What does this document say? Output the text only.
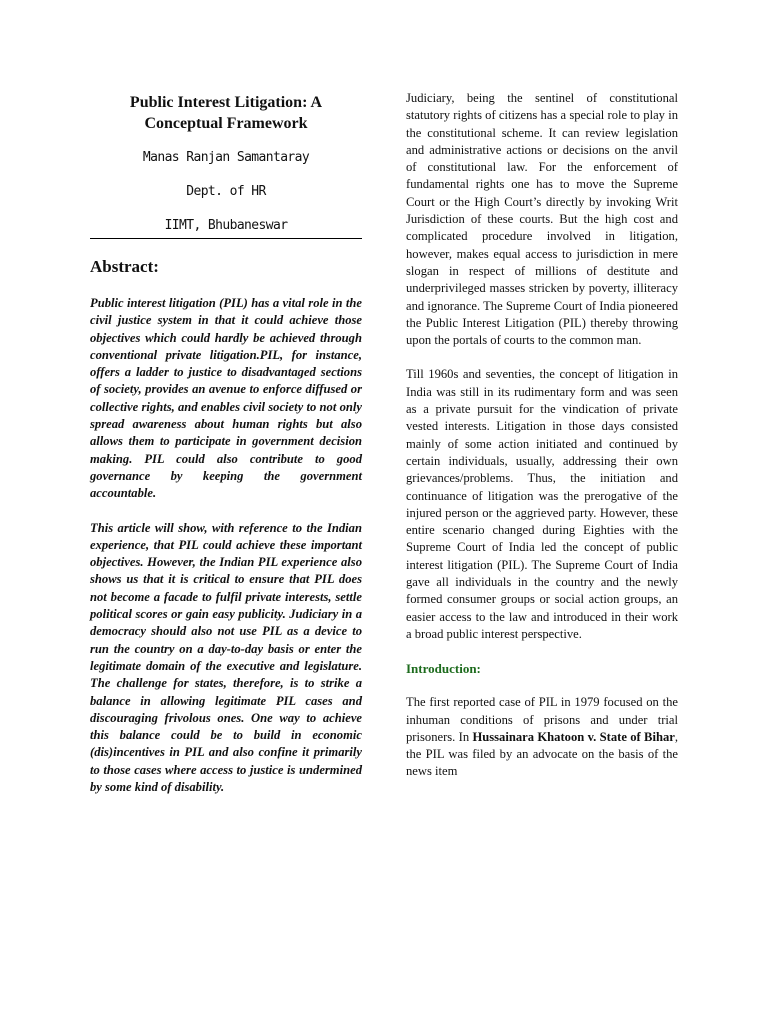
Public Interest Litigation: A Conceptual Framework
Manas Ranjan Samantaray
Dept. of HR
IIMT, Bhubaneswar
Abstract:

Public interest litigation (PIL) has a vital role in the civil justice system in that it could achieve those objectives which could hardly be achieved through conventional private litigation.PIL, for instance, offers a ladder to justice to disadvantaged sections of society, provides an avenue to enforce diffused or collective rights, and enables civil society to not only spread awareness about human rights but also allows them to participate in government decision making. PIL could also contribute to good governance by keeping the government accountable.

This article will show, with reference to the Indian experience, that PIL could achieve these important objectives. However, the Indian PIL experience also shows us that it is critical to ensure that PIL does not become a facade to fulfil private interests, settle political scores or gain easy publicity. Judiciary in a democracy should also not use PIL as a device to run the country on a day-to-day basis or enter the legitimate domain of the executive and legislature. The challenge for states, therefore, is to strike a balance in allowing legitimate PIL cases and discouraging frivolous ones. One way to achieve this balance could be to build in economic (dis)incentives in PIL and also confine it primarily to those cases where access to justice is undermined by some kind of disability.

Judiciary, being the sentinel of constitutional statutory rights of citizens has a special role to play in the constitutional scheme. It can review legislation and administrative actions or decisions on the anvil of constitutional law. For the enforcement of fundamental rights one has to move the Supreme Court or the High Court’s directly by invoking Writ Jurisdiction of these courts. But the high cost and complicated procedure involved in litigation, however, makes equal access to jurisdiction in mere slogan in respect of millions of destitute and underprivileged masses stricken by poverty, illiteracy and ignorance. The Supreme Court of India pioneered the Public Interest Litigation (PIL) thereby throwing upon the portals of courts to the common man.

Till 1960s and seventies, the concept of litigation in India was still in its rudimentary form and was seen as a private pursuit for the vindication of private vested interests. Litigation in those days consisted mainly of some action initiated and continued by certain individuals, usually, addressing their own grievances/problems. Thus, the initiation and continuance of litigation was the prerogative of the injured person or the aggrieved party. However, these entire scenario changed during Eighties with the Supreme Court of India led the concept of public interest litigation (PIL). The Supreme Court of India gave all individuals in the country and the newly formed consumer groups or social action groups, an easier access to the law and introduced in their work a broad public interest perspective.

Introduction:

The first reported case of PIL in 1979 focused on the inhuman conditions of prisons and under trial prisoners. In Hussainara Khatoon v. State of Bihar, the PIL was filed by an advocate on the basis of the news item
